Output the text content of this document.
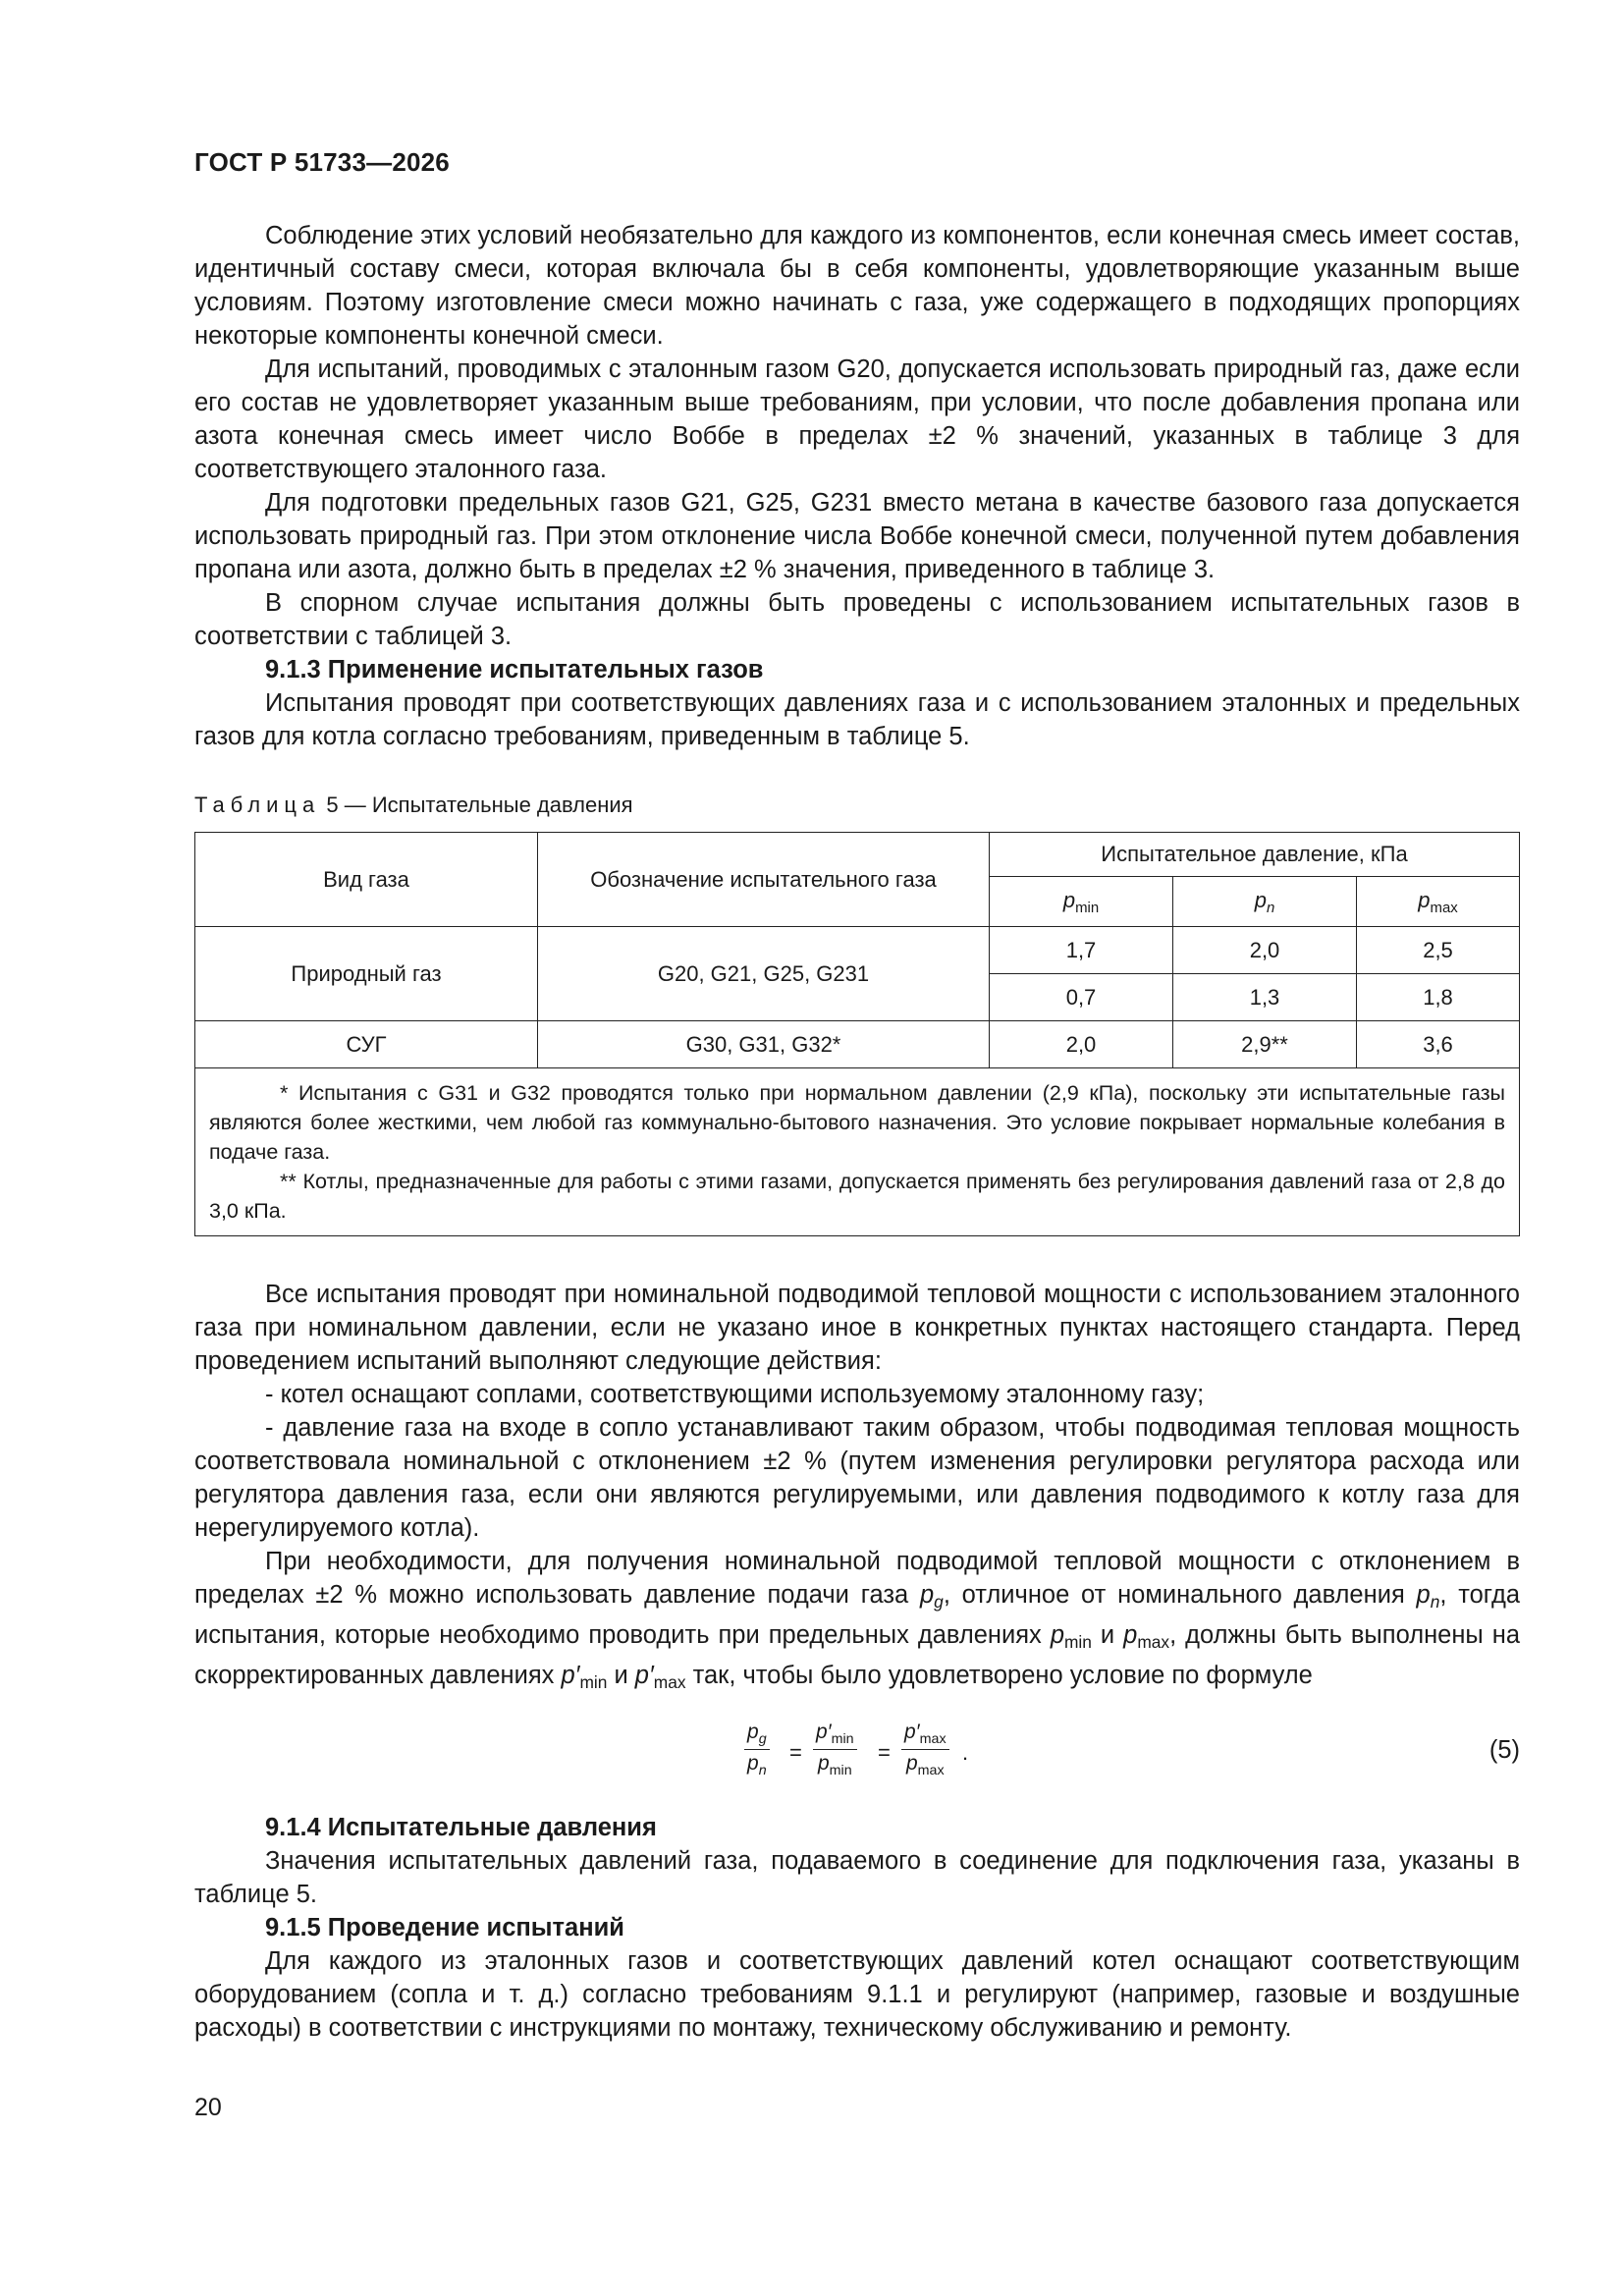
ГОСТ Р 51733—2026

Соблюдение этих условий необязательно для каждого из компонентов, если конечная смесь имеет состав, идентичный составу смеси, которая включала бы в себя компоненты, удовлетворяющие указанным выше условиям. Поэтому изготовление смеси можно начинать с газа, уже содержащего в подходящих пропорциях некоторые компоненты конечной смеси.

Для испытаний, проводимых с эталонным газом G20, допускается использовать природный газ, даже если его состав не удовлетворяет указанным выше требованиям, при условии, что после добавления пропана или азота конечная смесь имеет число Воббе в пределах ±2 % значений, указанных в таблице 3 для соответствующего эталонного газа.

Для подготовки предельных газов G21, G25, G231 вместо метана в качестве базового газа допускается использовать природный газ. При этом отклонение числа Воббе конечной смеси, полученной путем добавления пропана или азота, должно быть в пределах ±2 % значения, приведенного в таблице 3.

В спорном случае испытания должны быть проведены с использованием испытательных газов в соответствии с таблицей 3.

9.1.3 Применение испытательных газов

Испытания проводят при соответствующих давлениях газа и с использованием эталонных и предельных газов для котла согласно требованиям, приведенным в таблице 5.

Таблица 5 — Испытательные давления
Вид газа	Обозначение испытательного газа	Испытательное давление, кПа		
		$p_{min}$	$p_n$	$p_{max}$
Природный газ	G20, G21, G25, G231	1,7	2,0	2,5
		0,7	1,3	1,8
СУГ	G30, G31, G32*	2,0	2,9**	3,6

* Испытания с G31 и G32 проводятся только при нормальном давлении (2,9 кПа), поскольку эти испытательные газы являются более жесткими, чем любой газ коммунально-бытового назначения. Это условие покрывает нормальные колебания в подаче газа.
** Котлы, предназначенные для работы с этими газами, допускается применять без регулирования давлений газа от 2,8 до 3,0 кПа.				

Все испытания проводят при номинальной подводимой тепловой мощности с использованием эталонного газа при номинальном давлении, если не указано иное в конкретных пунктах настоящего стандарта. Перед проведением испытаний выполняют следующие действия:

- котел оснащают соплами, соответствующими используемому эталонному газу;

- давление газа на входе в сопло устанавливают таким образом, чтобы подводимая тепловая мощность соответствовала номинальной с отклонением ±2 % (путем изменения регулировки регулятора расхода или регулятора давления газа, если они являются регулируемыми, или давления подводимого к котлу газа для нерегулируемого котла).

При необходимости, для получения номинальной подводимой тепловой мощности с отклонением в пределах ±2 % можно использовать давление подачи газа $p_g$, отличное от номинального давления $p_n$, тогда испытания, которые необходимо проводить при предельных давлениях $p_{min}$ и $p_{max}$, должны быть выполнены на скорректированных давлениях $p'_{min}$ и $p'_{max}$ так, чтобы было удовлетворено условие по формуле

$\frac{p_g}{p_n}$ =
$p'_{min}$
$p_{min}$
=
$p'_{max}$
$p_{max}$
.	(5)
9.1.4 Испытательные давления

Значения испытательных давлений газа, подаваемого в соединение для подключения газа, указаны в таблице 5.

9.1.5 Проведение испытаний

Для каждого из эталонных газов и соответствующих давлений котел оснащают соответствующим оборудованием (сопла и т. д.) согласно требованиям 9.1.1 и регулируют (например, газовые и воздушные расходы) в соответствии с инструкциями по монтажу, техническому обслуживанию и ремонту.

20
